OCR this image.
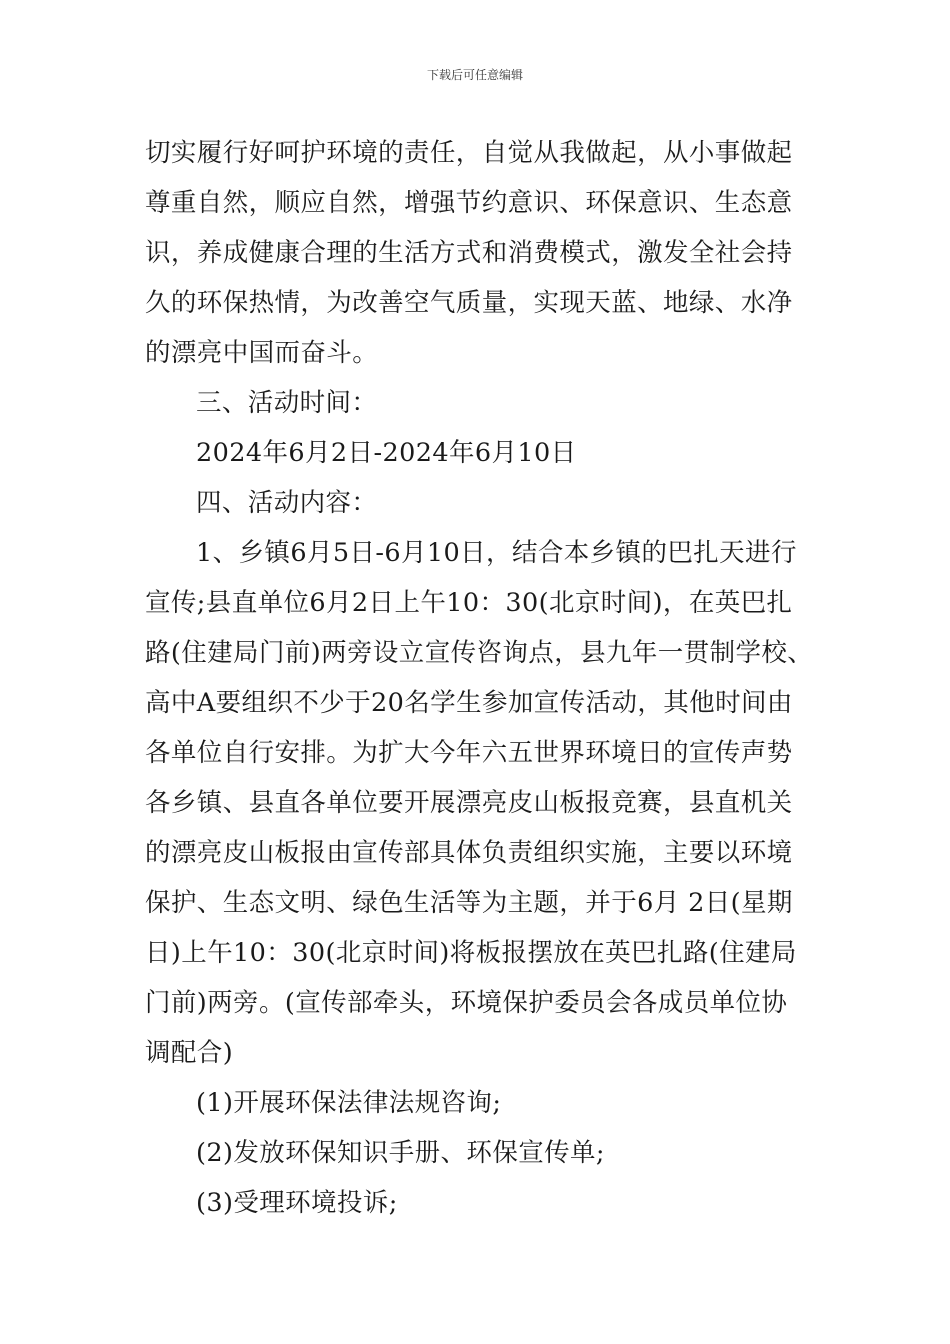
下载后可任意编辑
切实履行好呵护环境的责任，自觉从我做起，从小事做起
尊重自然，顺应自然，增强节约意识、环保意识、生态意
识，养成健康合理的生活方式和消费模式，激发全社会持
久的环保热情，为改善空气质量，实现天蓝、地绿、水净
的漂亮中国而奋斗。
三、活动时间：
2024年6月2日-2024年6月10日
四、活动内容：
1、乡镇6月5日-6月10日，结合本乡镇的巴扎天进行
宣传;县直单位6月2日上午10：30(北京时间)，在英巴扎
路(住建局门前)两旁设立宣传咨询点，县九年一贯制学校、
高中A要组织不少于20名学生参加宣传活动，其他时间由
各单位自行安排。为扩大今年六五世界环境日的宣传声势
各乡镇、县直各单位要开展漂亮皮山板报竞赛，县直机关
的漂亮皮山板报由宣传部具体负责组织实施，主要以环境
保护、生态文明、绿色生活等为主题，并于6月 2日(星期
日)上午10：30(北京时间)将板报摆放在英巴扎路(住建局
门前)两旁。(宣传部牵头，环境保护委员会各成员单位协
调配合)
(1)开展环保法律法规咨询;
(2)发放环保知识手册、环保宣传单;
(3)受理环境投诉;
